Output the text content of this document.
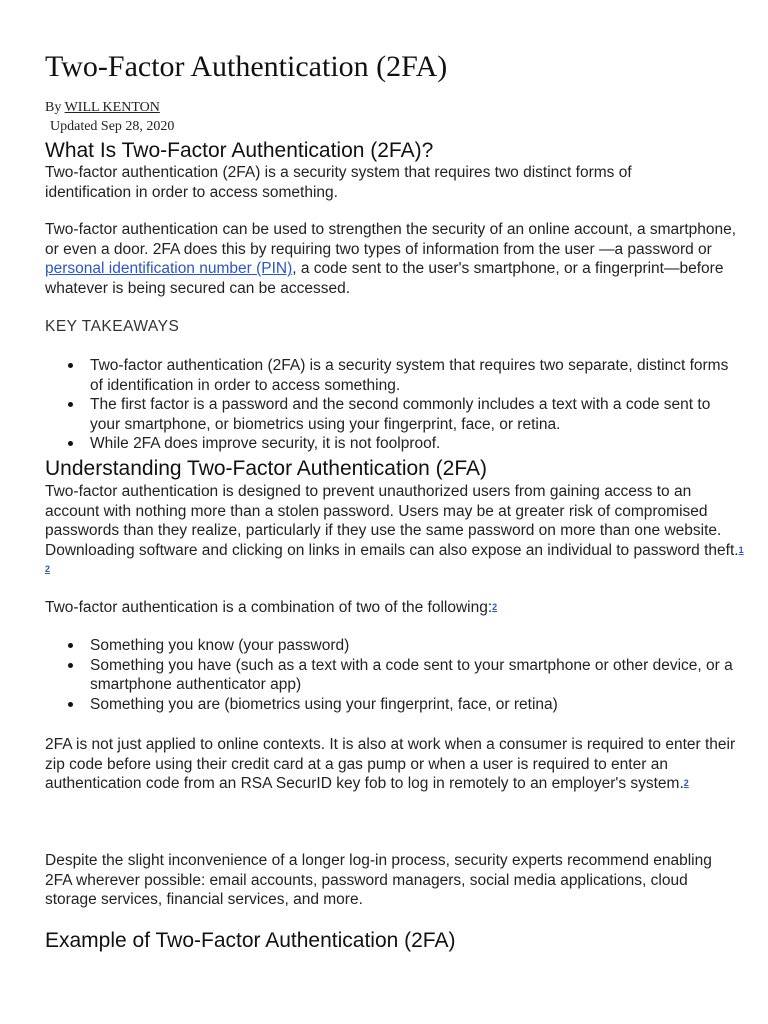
Two-Factor Authentication (2FA)
By WILL KENTON
Updated Sep 28, 2020
What Is Two-Factor Authentication (2FA)?

Two-factor authentication (2FA) is a security system that requires two distinct forms of identification in order to access something.

Two-factor authentication can be used to strengthen the security of an online account, a smartphone, or even a door. 2FA does this by requiring two types of information from the user —a password or personal identification number (PIN), a code sent to the user's smartphone, or a fingerprint—before whatever is being secured can be accessed.

KEY TAKEAWAYS
Two-factor authentication (2FA) is a security system that requires two separate, distinct forms of identification in order to access something.
The first factor is a password and the second commonly includes a text with a code sent to your smartphone, or biometrics using your fingerprint, face, or retina.
While 2FA does improve security, it is not foolproof.
Understanding Two-Factor Authentication (2FA)

Two-factor authentication is designed to prevent unauthorized users from gaining access to an account with nothing more than a stolen password. Users may be at greater risk of compromised passwords than they realize, particularly if they use the same password on more than one website. Downloading software and clicking on links in emails can also expose an individual to password theft.1 2

Two-factor authentication is a combination of two of the following:2

Something you know (your password)
Something you have (such as a text with a code sent to your smartphone or other device, or a smartphone authenticator app)
Something you are (biometrics using your fingerprint, face, or retina)

2FA is not just applied to online contexts. It is also at work when a consumer is required to enter their zip code before using their credit card at a gas pump or when a user is required to enter an authentication code from an RSA SecurID key fob to log in remotely to an employer's system.2

Despite the slight inconvenience of a longer log-in process, security experts recommend enabling 2FA wherever possible: email accounts, password managers, social media applications, cloud storage services, financial services, and more.

Example of Two-Factor Authentication (2FA)
